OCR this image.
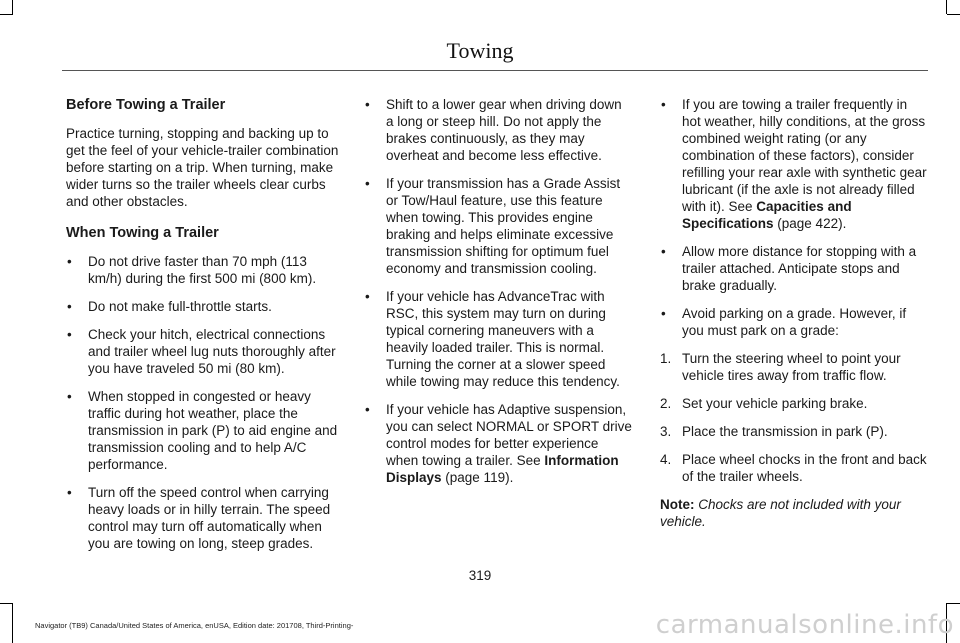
Towing
Before Towing a Trailer

Practice turning, stopping and backing up to get the feel of your vehicle-trailer combination before starting on a trip. When turning, make wider turns so the trailer wheels clear curbs and other obstacles.

When Towing a Trailer
• Do not drive faster than 70 mph (113 km/h) during the first 500 mi (800 km).
• Do not make full-throttle starts.
• Check your hitch, electrical connections and trailer wheel lug nuts thoroughly after you have traveled 50 mi (80 km).
• When stopped in congested or heavy traffic during hot weather, place the transmission in park (P) to aid engine and transmission cooling and to help A/C performance.
• Turn off the speed control when carrying heavy loads or in hilly terrain. The speed control may turn off automatically when you are towing on long, steep grades.
• Shift to a lower gear when driving down a long or steep hill. Do not apply the brakes continuously, as they may overheat and become less effective.
• If your transmission has a Grade Assist or Tow/Haul feature, use this feature when towing. This provides engine braking and helps eliminate excessive transmission shifting for optimum fuel economy and transmission cooling.
• If your vehicle has AdvanceTrac with RSC, this system may turn on during typical cornering maneuvers with a heavily loaded trailer. This is normal. Turning the corner at a slower speed while towing may reduce this tendency.
• If your vehicle has Adaptive suspension, you can select NORMAL or SPORT drive control modes for better experience when towing a trailer. See Information Displays (page 119).
• If you are towing a trailer frequently in hot weather, hilly conditions, at the gross combined weight rating (or any combination of these factors), consider refilling your rear axle with synthetic gear lubricant (if the axle is not already filled with it). See Capacities and Specifications (page 422).
• Allow more distance for stopping with a trailer attached. Anticipate stops and brake gradually.
• Avoid parking on a grade. However, if you must park on a grade:
1. Turn the steering wheel to point your vehicle tires away from traffic flow.
2. Set your vehicle parking brake.
3. Place the transmission in park (P).
4. Place wheel chocks in the front and back of the trailer wheels.

Note: Chocks are not included with your vehicle.

319
Navigator (TB9) Canada/United States of America, enUSA, Edition date: 201708, Third-Printing-	carmanualsonline.info
